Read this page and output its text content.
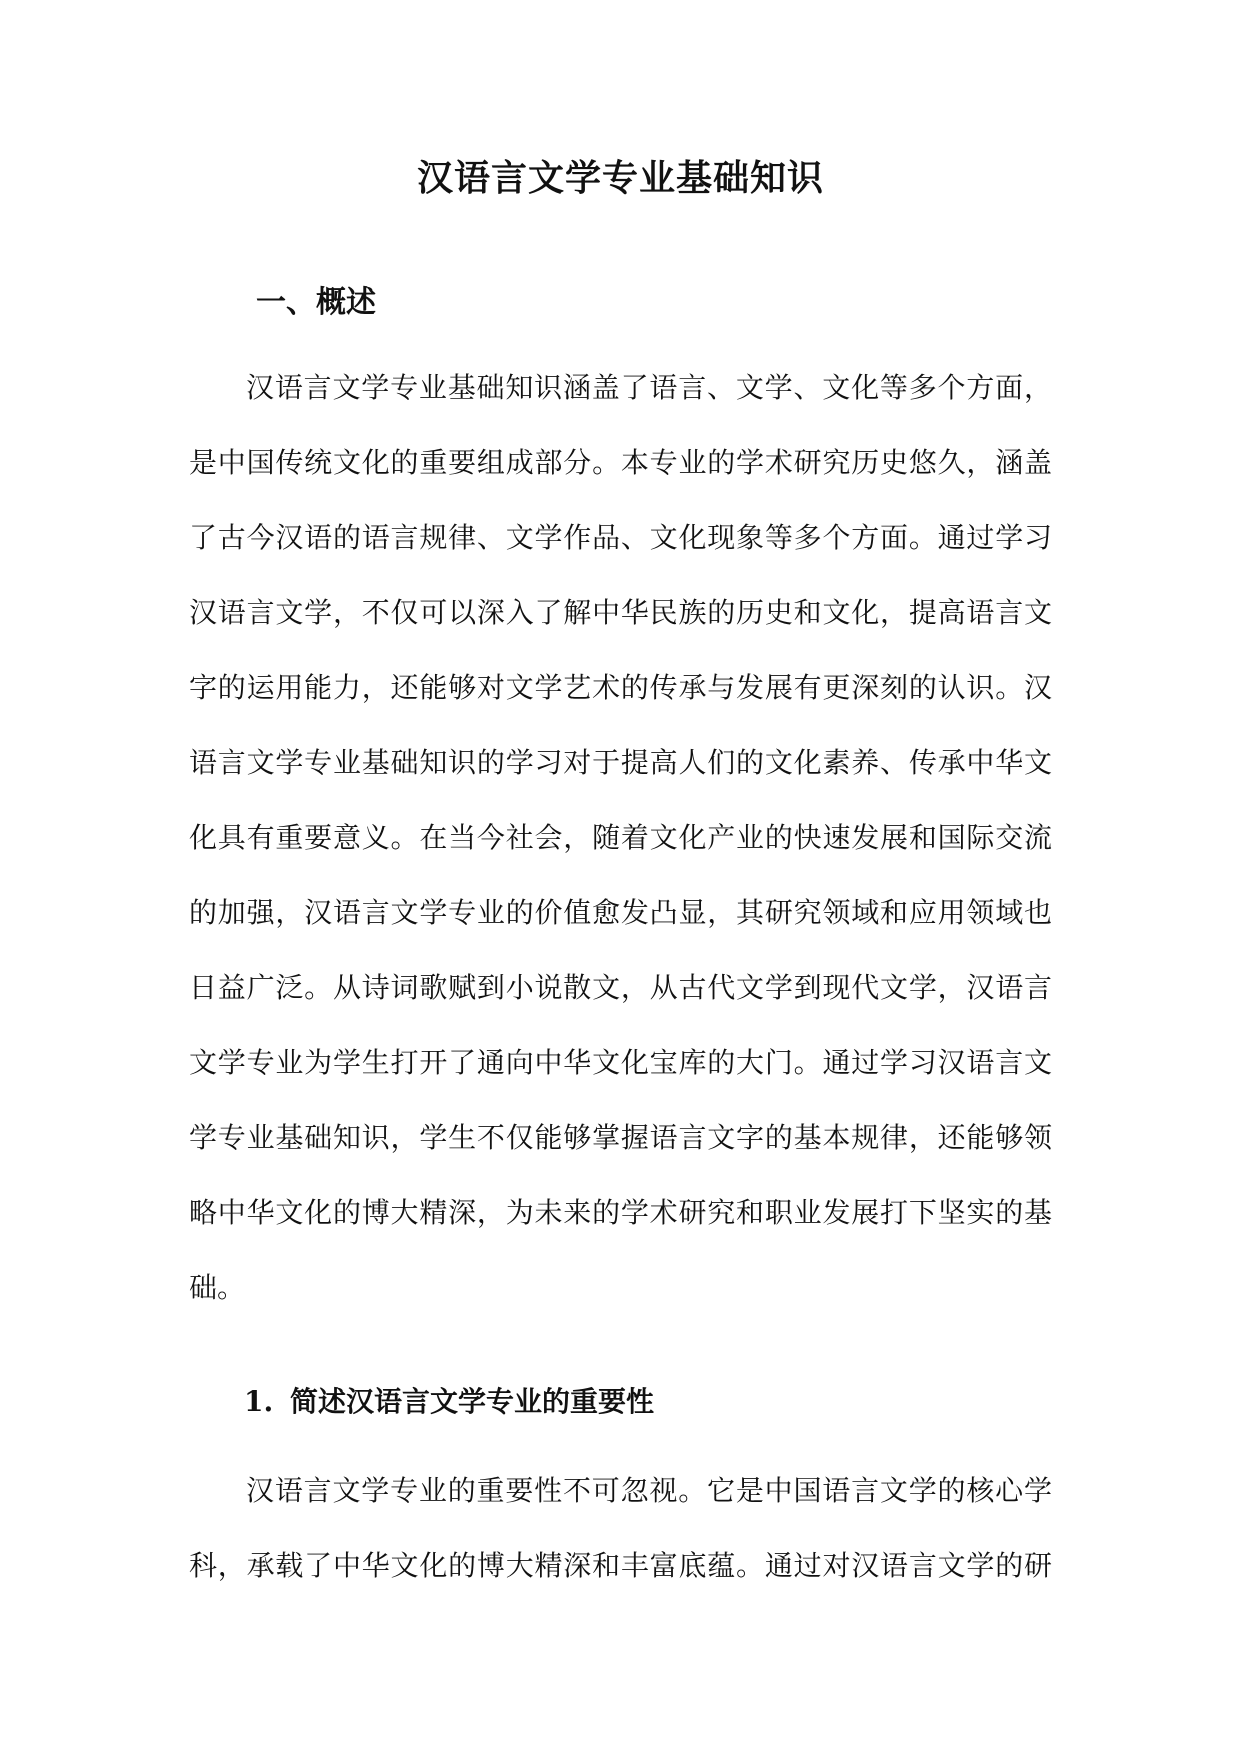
汉语言文学专业基础知识
一、概述
汉语言文学专业基础知识涵盖了语言、文学、文化等多个方面，
是中国传统文化的重要组成部分。本专业的学术研究历史悠久，涵盖
了古今汉语的语言规律、文学作品、文化现象等多个方面。通过学习
汉语言文学，不仅可以深入了解中华民族的历史和文化，提高语言文
字的运用能力，还能够对文学艺术的传承与发展有更深刻的认识。汉
语言文学专业基础知识的学习对于提高人们的文化素养、传承中华文
化具有重要意义。在当今社会，随着文化产业的快速发展和国际交流
的加强，汉语言文学专业的价值愈发凸显，其研究领域和应用领域也
日益广泛。从诗词歌赋到小说散文，从古代文学到现代文学，汉语言
文学专业为学生打开了通向中华文化宝库的大门。通过学习汉语言文
学专业基础知识，学生不仅能够掌握语言文字的基本规律，还能够领
略中华文化的博大精深，为未来的学术研究和职业发展打下坚实的基
础。
1. 简述汉语言文学专业的重要性
汉语言文学专业的重要性不可忽视。它是中国语言文学的核心学
科，承载了中华文化的博大精深和丰富底蕴。通过对汉语言文学的研
